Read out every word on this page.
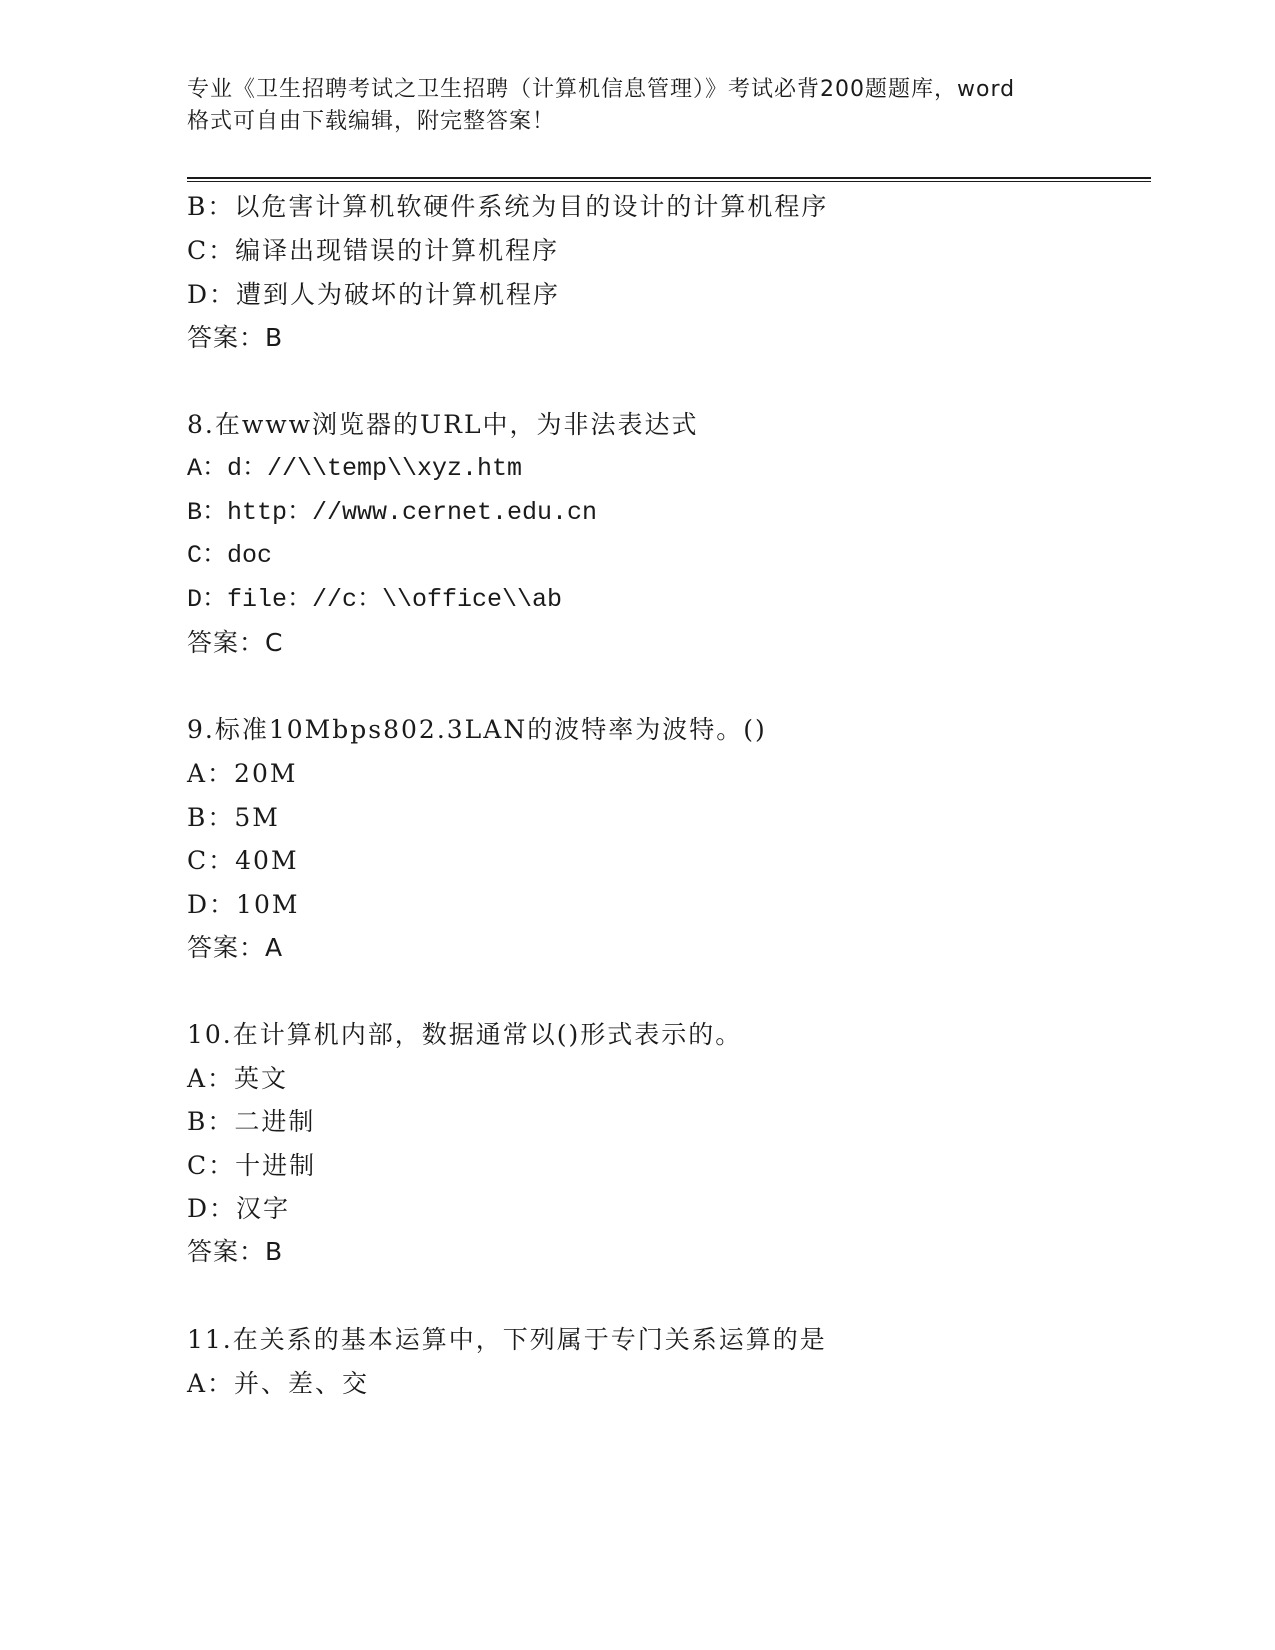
专业《卫生招聘考试之卫生招聘（计算机信息管理）》考试必背200题题库，word
格式可自由下载编辑，附完整答案！
B：以危害计算机软硬件系统为目的设计的计算机程序
C：编译出现错误的计算机程序
D：遭到人为破坏的计算机程序
答案：B
8.在www浏览器的URL中，为非法表达式
A：d：//\\temp\\xyz.htm
B：http：//www.cernet.edu.cn
C：doc
D：file：//c：\\office\\ab
答案：C
9.标准10Mbps802.3LAN的波特率为波特。()
A：20M
B：5M
C：40M
D：10M
答案：A
10.在计算机内部，数据通常以()形式表示的。
A：英文
B：二进制
C：十进制
D：汉字
答案：B
11.在关系的基本运算中，下列属于专门关系运算的是
A：并、差、交
